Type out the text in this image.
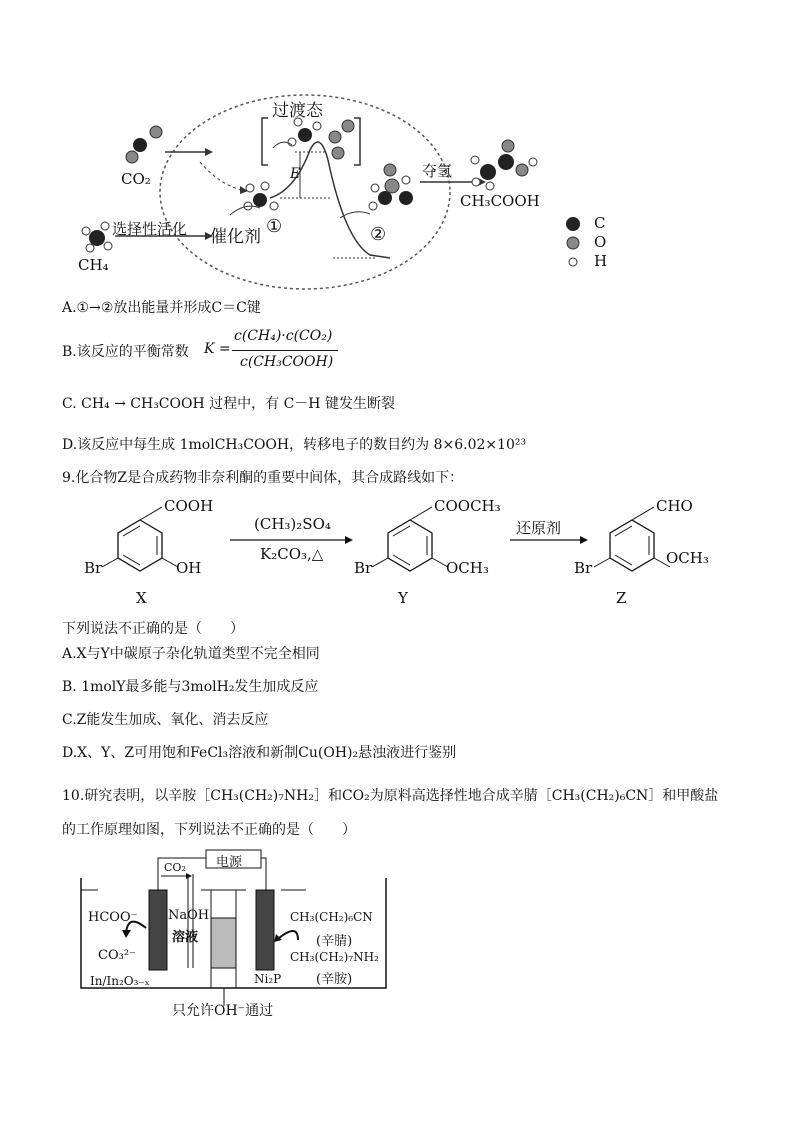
过渡态
CO₂
CH₄
选择性活化 催化剂 ①
E
②
夺氢
CH₃COOH
C
O
H
A.①→②放出能量并形成C＝C键
B.该反应的平衡常数 K =
c(CH₄)·c(CO₂)
c(CH₃COOH)
C. CH₄ → CH₃COOH 过程中，有 C－H 键发生断裂
D.该反应中每生成 1molCH₃COOH，转移电子的数目约为 8×6.02×10²³
9.化合物Z是合成药物非奈利酮的重要中间体，其合成路线如下：
COOH
OH
Br
X
(CH₃)₂SO₄
K₂CO₃,△
COOCH₃
OCH₃
Br
Y
还原剂
CHO
OCH₃
Br
Z
下列说法不正确的是（　　）
A.X与Y中碳原子杂化轨道类型不完全相同
B. 1molY最多能与3molH₂发生加成反应
C.Z能发生加成、氧化、消去反应
D.X、Y、Z可用饱和FeCl₃溶液和新制Cu(OH)₂悬浊液进行鉴别
10.研究表明，以辛胺［CH₃(CH₂)₇NH₂］和CO₂为原料高选择性地合成辛腈［CH₃(CH₂)₆CN］和甲酸盐
的工作原理如图，下列说法不正确的是（　　）
电源
CO₂
HCOO⁻
CO₃²⁻
NaOH
溶液
In/In₂O₃₋ₓ	Ni₂P
CH₃(CH₂)₆CN
(辛腈)
CH₃(CH₂)₇NH₂
(辛胺)
只允许OH⁻通过
